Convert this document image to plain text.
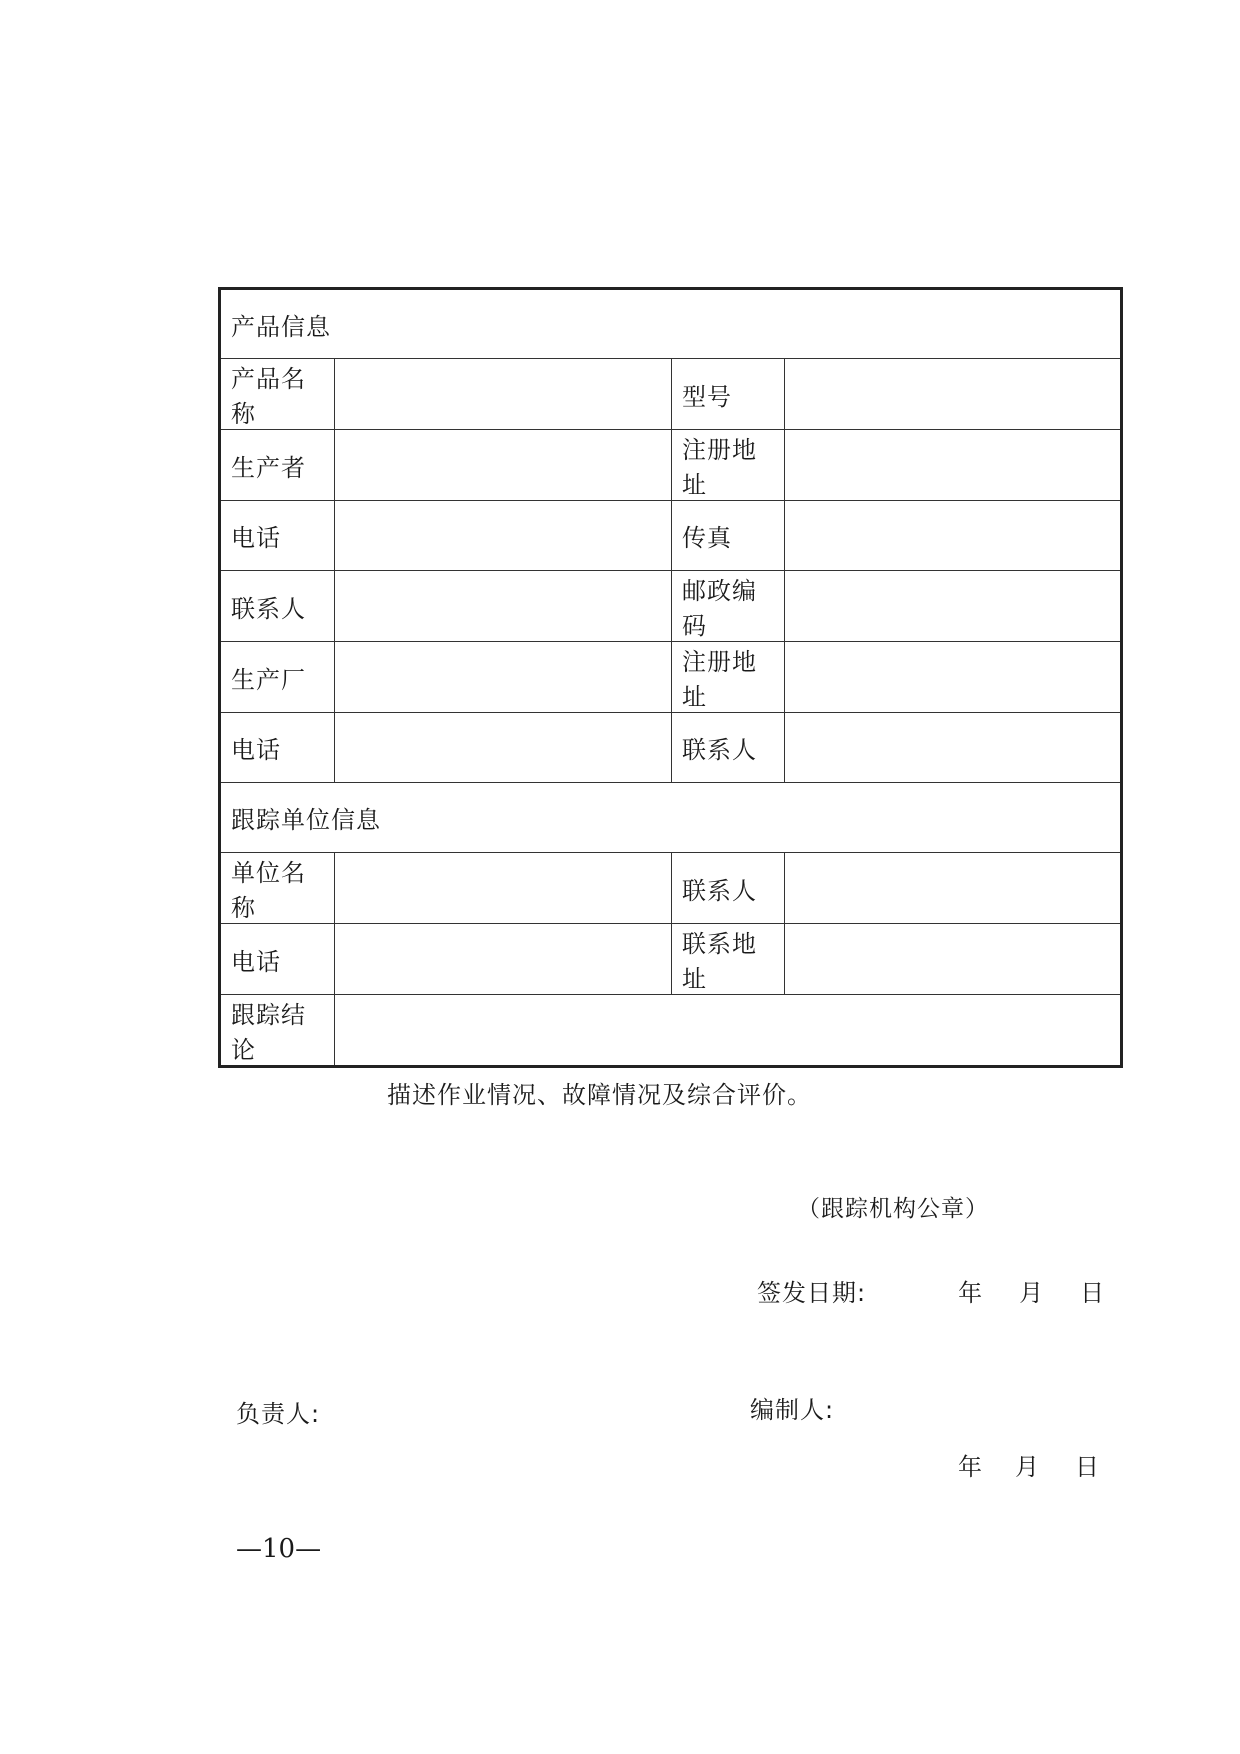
产品信息			
产品名称		型号	
生产者		注册地址	
电话		传真	
联系人		邮政编码	
生产厂		注册地址	
电话		联系人	
跟踪单位信息			
单位名称		联系人	
电话		联系地址	
跟踪结论	描述作业情况、故障情况及综合评价。
（跟踪机构公章）
签发日期: 年 月 日		
负责人:	编制人:
年 月 日
—10—
